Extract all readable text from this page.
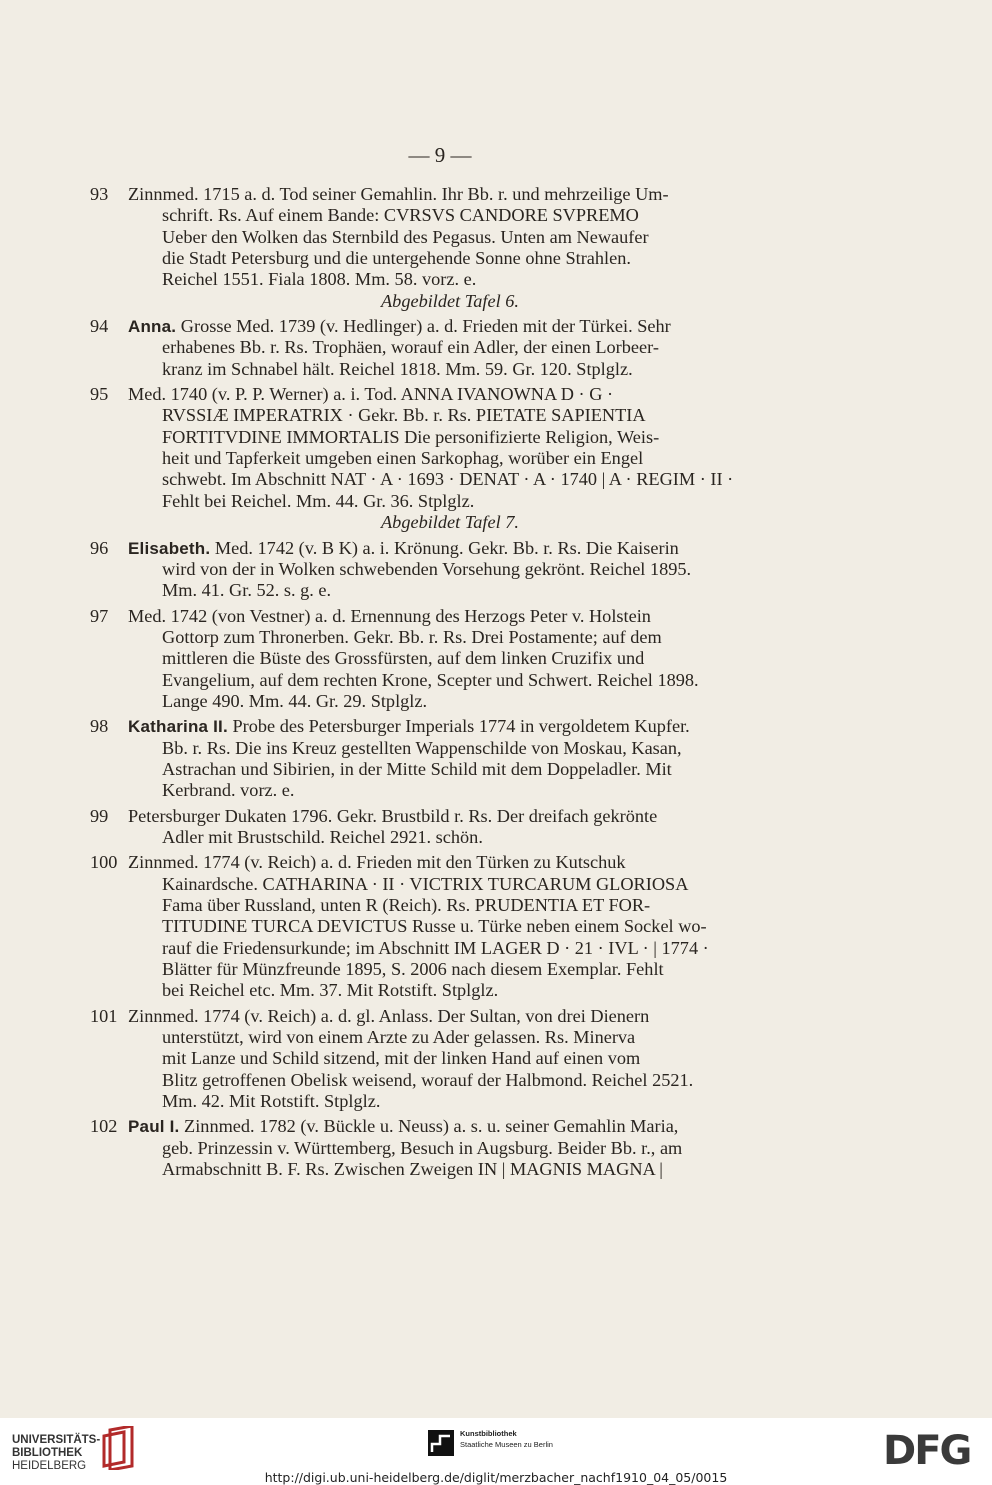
— 9 —
93	Zinnmed. 1715 a. d. Tod seiner Gemahlin. Ihr Bb. r. und mehrzeilige Um-
schrift. Rs. Auf einem Bande: CVRSVS CANDORE SVPREMO
Ueber den Wolken das Sternbild des Pegasus. Unten am Newaufer
die Stadt Petersburg und die untergehende Sonne ohne Strahlen.
Reichel 1551. Fiala 1808. Mm. 58. vorz. e.
Abgebildet Tafel 6.
94	Anna. Grosse Med. 1739 (v. Hedlinger) a. d. Frieden mit der Türkei. Sehr
erhabenes Bb. r. Rs. Trophäen, worauf ein Adler, der einen Lorbeer-
kranz im Schnabel hält. Reichel 1818. Mm. 59. Gr. 120. Stplglz.
95	Med. 1740 (v. P. P. Werner) a. i. Tod. ANNA IVANOWNA D · G ·
RVSSIÆ IMPERATRIX · Gekr. Bb. r. Rs. PIETATE SAPIENTIA
FORTITVDINE IMMORTALIS Die personifizierte Religion, Weis-
heit und Tapferkeit umgeben einen Sarkophag, worüber ein Engel
schwebt. Im Abschnitt NAT · A · 1693 · DENAT · A · 1740 | A · REGIM · II ·
Fehlt bei Reichel. Mm. 44. Gr. 36. Stplglz.
Abgebildet Tafel 7.
96	Elisabeth. Med. 1742 (v. B K) a. i. Krönung. Gekr. Bb. r. Rs. Die Kaiserin
wird von der in Wolken schwebenden Vorsehung gekrönt. Reichel 1895.
Mm. 41. Gr. 52. s. g. e.
97	Med. 1742 (von Vestner) a. d. Ernennung des Herzogs Peter v. Holstein
Gottorp zum Thronerben. Gekr. Bb. r. Rs. Drei Postamente; auf dem
mittleren die Büste des Grossfürsten, auf dem linken Cruzifix und
Evangelium, auf dem rechten Krone, Scepter und Schwert. Reichel 1898.
Lange 490. Mm. 44. Gr. 29. Stplglz.
98	Katharina II. Probe des Petersburger Imperials 1774 in vergoldetem Kupfer.
Bb. r. Rs. Die ins Kreuz gestellten Wappenschilde von Moskau, Kasan,
Astrachan und Sibirien, in der Mitte Schild mit dem Doppeladler. Mit
Kerbrand. vorz. e.
99	Petersburger Dukaten 1796. Gekr. Brustbild r. Rs. Der dreifach gekrönte
Adler mit Brustschild. Reichel 2921. schön.
100 Zinnmed. 1774 (v. Reich) a. d. Frieden mit den Türken zu Kutschuk
Kainardsche. CATHARINA · II · VICTRIX TURCARUM GLORIOSA
Fama über Russland, unten R (Reich). Rs. PRUDENTIA ET FOR-
TITUDINE TURCA DEVICTUS Russe u. Türke neben einem Sockel wo-
rauf die Friedensurkunde; im Abschnitt IM LAGER D · 21 · IVL · | 1774 ·
Blätter für Münzfreunde 1895, S. 2006 nach diesem Exemplar. Fehlt
bei Reichel etc. Mm. 37. Mit Rotstift. Stplglz.
101 Zinnmed. 1774 (v. Reich) a. d. gl. Anlass. Der Sultan, von drei Dienern
unterstützt, wird von einem Arzte zu Ader gelassen. Rs. Minerva
mit Lanze und Schild sitzend, mit der linken Hand auf einen vom
Blitz getroffenen Obelisk weisend, worauf der Halbmond. Reichel 2521.
Mm. 42. Mit Rotstift. Stplglz.
102 Paul I. Zinnmed. 1782 (v. Bückle u. Neuss) a. s. u. seiner Gemahlin Maria,
geb. Prinzessin v. Württemberg, Besuch in Augsburg. Beider Bb. r., am
Armabschnitt B. F. Rs. Zwischen Zweigen IN | MAGNIS MAGNA |
UNIVERSITÄTS-
BIBLIOTHEK
HEIDELBERG
Kunstbibliothek
Staatliche Museen zu Berlin	DFG
http://digi.ub.uni-heidelberg.de/diglit/merzbacher_nachf1910_04_05/0015
